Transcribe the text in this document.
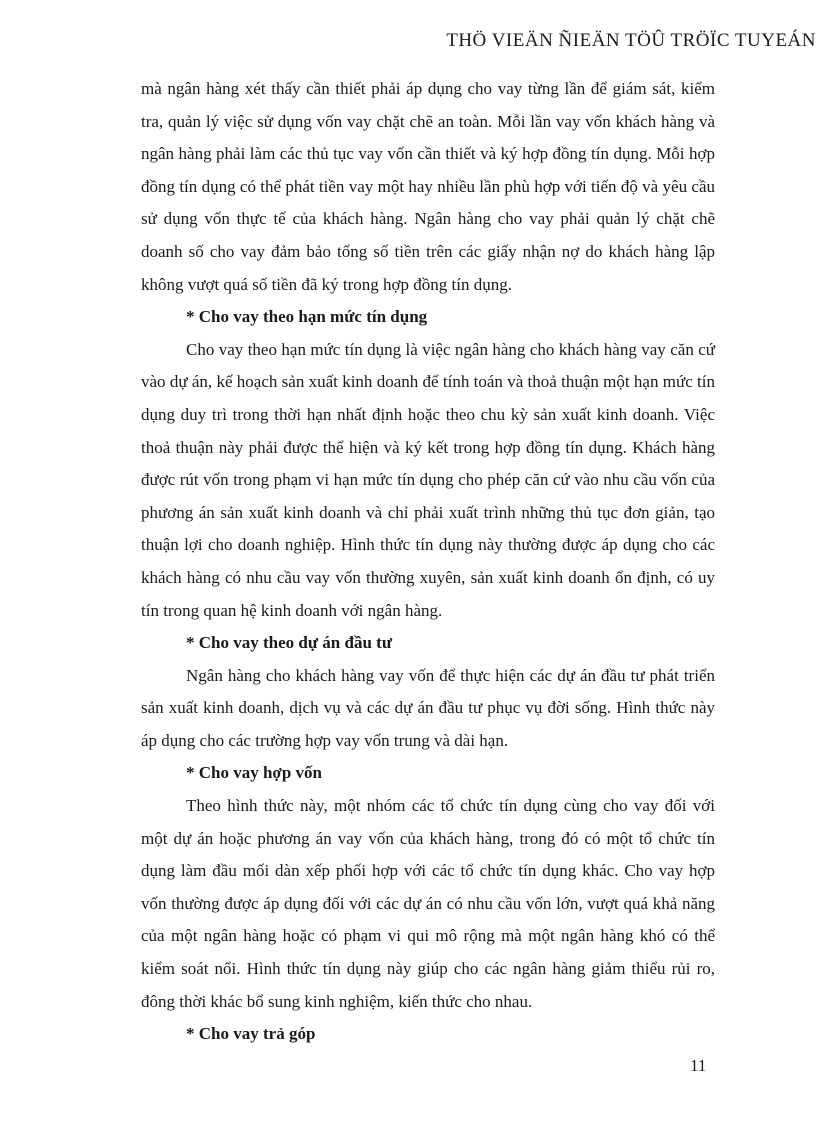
THÖ VIEÄN ÑIEÄN TÖÛ TRÖÏC TUYEÁN

mà ngân hàng xét thấy cần thiết phải áp dụng cho vay từng lần để giám sát, kiểm tra, quản lý việc sử dụng vốn vay chặt chẽ an toàn. Mỗi lần vay vốn khách hàng và ngân hàng phải làm các thủ tục vay vốn cần thiết và ký hợp đồng tín dụng. Mỗi hợp đồng tín dụng có thể phát tiền vay một hay nhiều lần phù hợp với tiến độ và yêu cầu sử dụng vốn thực tế của khách hàng. Ngân hàng cho vay phải quản lý chặt chẽ doanh số cho vay đảm bảo tổng số tiền trên các giấy nhận nợ do khách hàng lập không vượt quá số tiền đã ký trong hợp đồng tín dụng.

* Cho vay theo hạn mức tín dụng

Cho vay theo hạn mức tín dụng là việc ngân hàng cho khách hàng vay căn cứ vào dự án, kế hoạch sản xuất kinh doanh để tính toán và thoả thuận một hạn mức tín dụng duy trì trong thời hạn nhất định hoặc theo chu kỳ sản xuất kinh doanh. Việc thoả thuận này phải được thể hiện và ký kết trong hợp đồng tín dụng. Khách hàng được rút vốn trong phạm vi hạn mức tín dụng cho phép căn cứ vào nhu cầu vốn của phương án sản xuất kinh doanh và chỉ phải xuất trình những thủ tục đơn giản, tạo thuận lợi cho doanh nghiệp. Hình thức tín dụng này thường được áp dụng cho các khách hàng có nhu cầu vay vốn thường xuyên, sản xuất kinh doanh ổn định, có uy tín trong quan hệ kinh doanh với ngân hàng.

* Cho vay theo dự án đầu tư

Ngân hàng cho khách hàng vay vốn để thực hiện các dự án đầu tư phát triển sản xuất kinh doanh, dịch vụ và các dự án đầu tư phục vụ đời sống. Hình thức này áp dụng cho các trường hợp vay vốn trung và dài hạn.

* Cho vay hợp vốn

Theo hình thức này, một nhóm các tổ chức tín dụng cùng cho vay đối với một dự án hoặc phương án vay vốn của khách hàng, trong đó có một tổ chức tín dụng làm đầu mối dàn xếp phối hợp với các tổ chức tín dụng khác. Cho vay hợp vốn thường được áp dụng đối với các dự án có nhu cầu vốn lớn, vượt quá khả năng của một ngân hàng hoặc có phạm vi qui mô rộng mà một ngân hàng khó có thể kiểm soát nổi. Hình thức tín dụng này giúp cho các ngân hàng giảm thiểu rủi ro, đông thời khác bổ sung kinh nghiệm, kiến thức cho nhau.

* Cho vay trả góp

11
